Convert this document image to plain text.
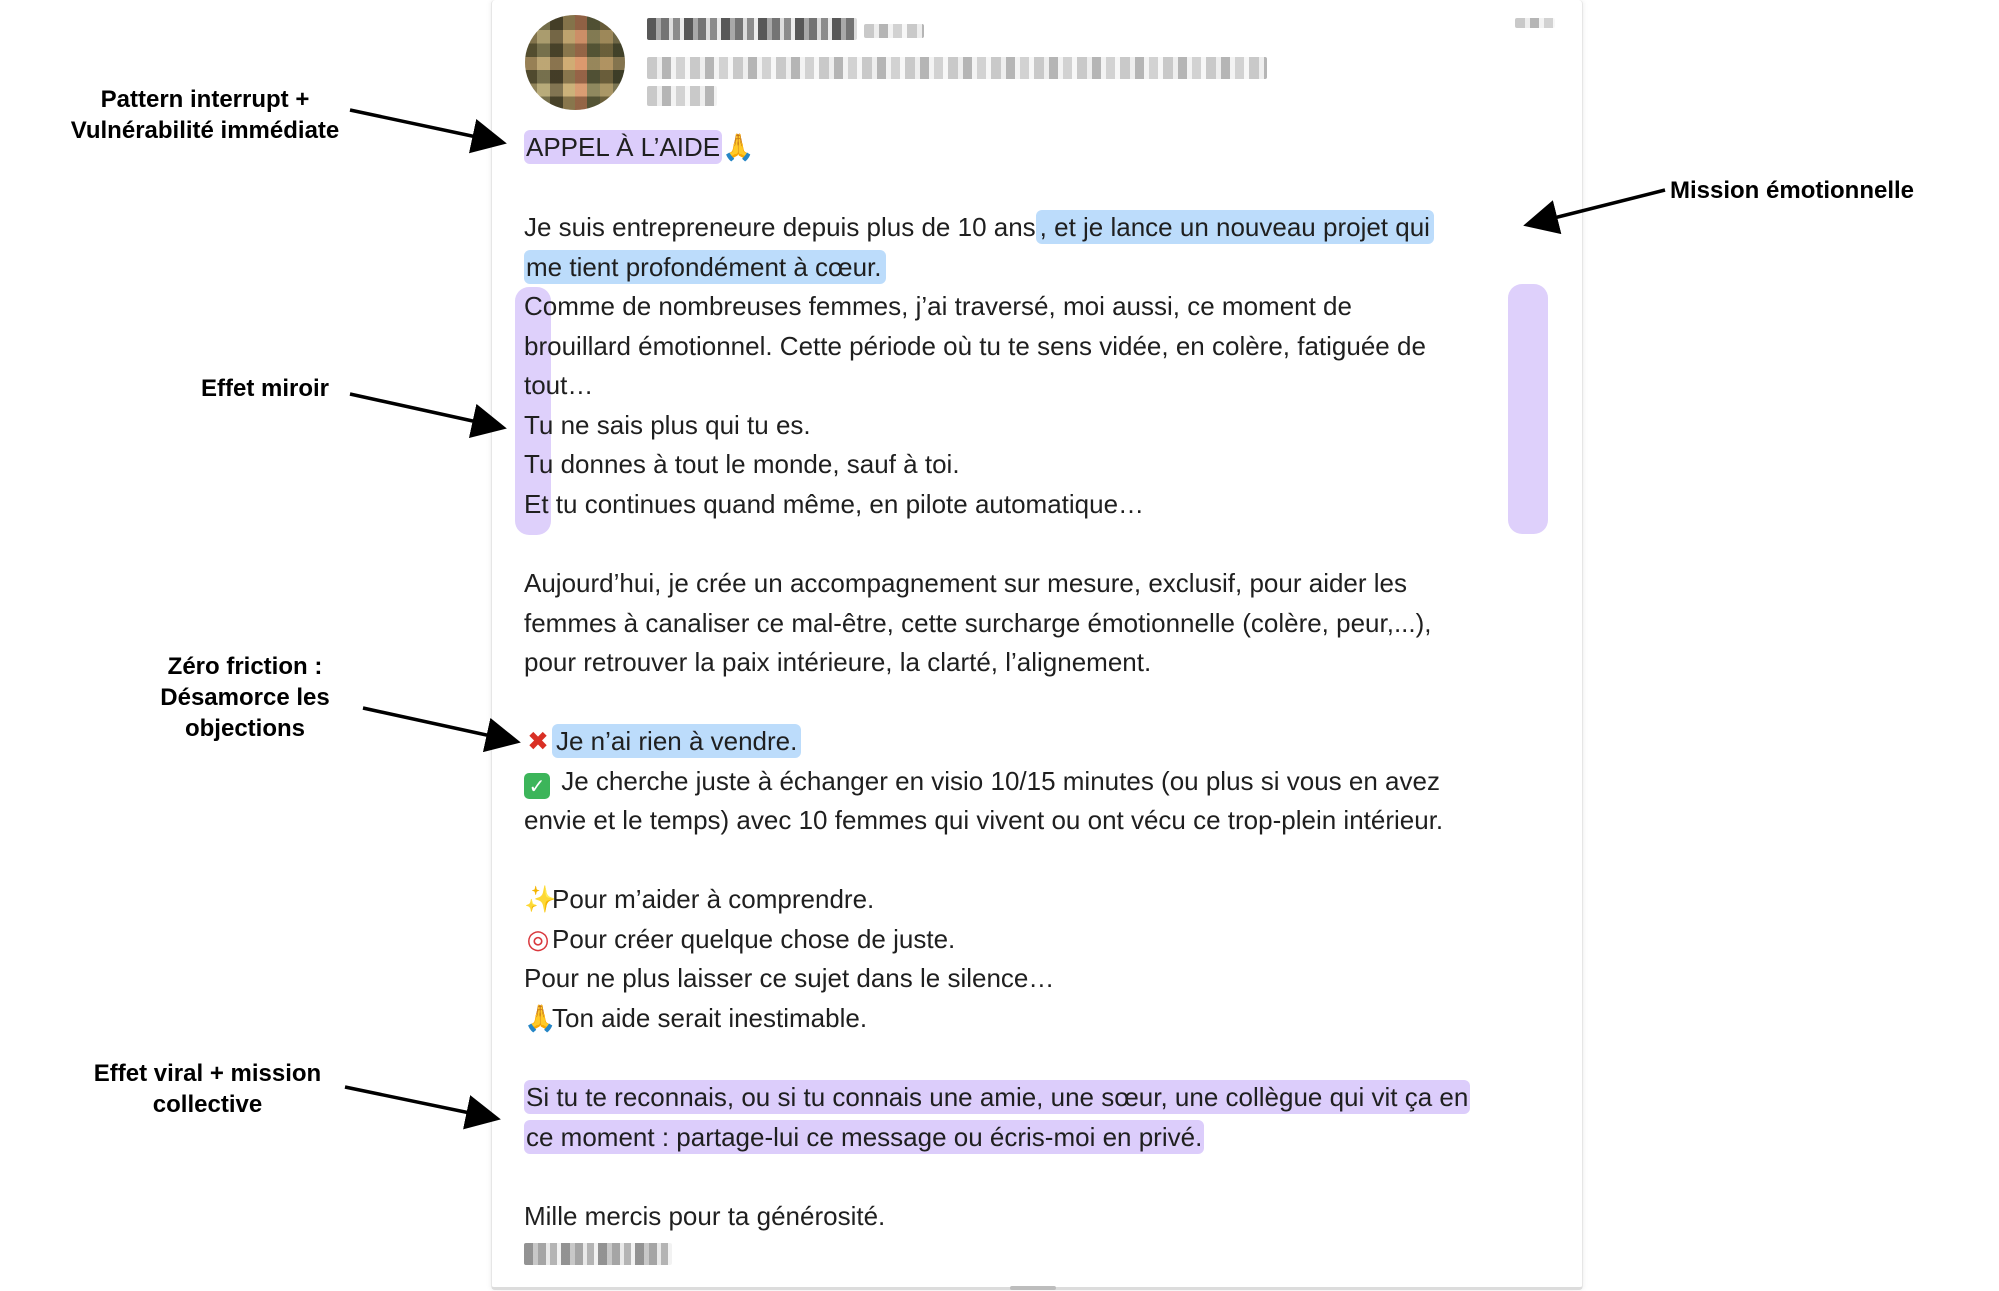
APPEL À L’AIDE🙏
Je suis entrepreneure depuis plus de 10 ans , et je lance un nouveau projet qui
me tient profondément à cœur.
Comme de nombreuses femmes, j’ai traversé, moi aussi, ce moment de
brouillard émotionnel. Cette période où tu te sens vidée, en colère, fatiguée de
tout…
Tu ne sais plus qui tu es.
Tu donnes à tout le monde, sauf à toi.
Et tu continues quand même, en pilote automatique…
Aujourd’hui, je crée un accompagnement sur mesure, exclusif, pour aider les
femmes à canaliser ce mal-être, cette surcharge émotionnelle (colère, peur,...),
pour retrouver la paix intérieure, la clarté, l’alignement.
✖ Je n’ai rien à vendre.
✓ Je cherche juste à échanger en visio 10/15 minutes (ou plus si vous en avez
envie et le temps) avec 10 femmes qui vivent ou ont vécu ce trop-plein intérieur.
✨Pour m’aider à comprendre.
◎ Pour créer quelque chose de juste.
Pour ne plus laisser ce sujet dans le silence…
🙏Ton aide serait inestimable.
Si tu te reconnais, ou si tu connais une amie, une sœur, une collègue qui vit ça en
ce moment : partage-lui ce message ou écris-moi en privé.
Mille mercis pour ta générosité.
Pattern interrupt +
Vulnérabilité immédiate
Mission émotionnelle
Effet miroir
Zéro friction :
Désamorce les
objections
Effet viral + mission
collective
